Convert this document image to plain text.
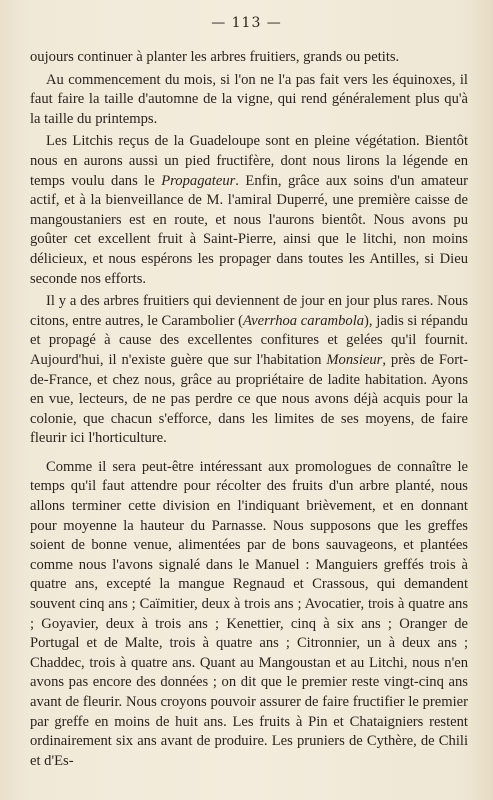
— 113 —

oujours continuer à planter les arbres fruitiers, grands ou petits.

Au commencement du mois, si l'on ne l'a pas fait vers les équinoxes, il faut faire la taille d'automne de la vigne, qui rend généralement plus qu'à la taille du printemps.

Les Litchis reçus de la Guadeloupe sont en pleine végétation. Bientôt nous en aurons aussi un pied fructifère, dont nous lirons la légende en temps voulu dans le Propagateur. Enfin, grâce aux soins d'un amateur actif, et à la bienveillance de M. l'amiral Duperré, une première caisse de mangoustaniers est en route, et nous l'aurons bientôt. Nous avons pu goûter cet excellent fruit à Saint-Pierre, ainsi que le litchi, non moins délicieux, et nous espérons les propager dans toutes les Antilles, si Dieu seconde nos efforts.

Il y a des arbres fruitiers qui deviennent de jour en jour plus rares. Nous citons, entre autres, le Carambolier (Averrhoa carambola), jadis si répandu et propagé à cause des excellentes confitures et gelées qu'il fournit. Aujourd'hui, il n'existe guère que sur l'habitation Monsieur, près de Fort-de-France, et chez nous, grâce au propriétaire de ladite habitation. Ayons en vue, lecteurs, de ne pas perdre ce que nous avons déjà acquis pour la colonie, que chacun s'efforce, dans les limites de ses moyens, de faire fleurir ici l'horticulture.

Comme il sera peut-être intéressant aux promologues de connaître le temps qu'il faut attendre pour récolter des fruits d'un arbre planté, nous allons terminer cette division en l'indiquant brièvement, et en donnant pour moyenne la hauteur du Parnasse. Nous supposons que les greffes soient de bonne venue, alimentées par de bons sauvageons, et plantées comme nous l'avons signalé dans le Manuel : Manguiers greffés trois à quatre ans, excepté la mangue Regnaud et Crassous, qui demandent souvent cinq ans ; Caïmitier, deux à trois ans ; Avocatier, trois à quatre ans ; Goyavier, deux à trois ans ; Kenettier, cinq à six ans ; Oranger de Portugal et de Malte, trois à quatre ans ; Citronnier, un à deux ans ; Chaddec, trois à quatre ans. Quant au Mangoustan et au Litchi, nous n'en avons pas encore des données ; on dit que le premier reste vingt-cinq ans avant de fleurir. Nous croyons pouvoir assurer de faire fructifier le premier par greffe en moins de huit ans. Les fruits à Pin et Chataigniers restent ordinairement six ans avant de produire. Les pruniers de Cythère, de Chili et d'Es-
